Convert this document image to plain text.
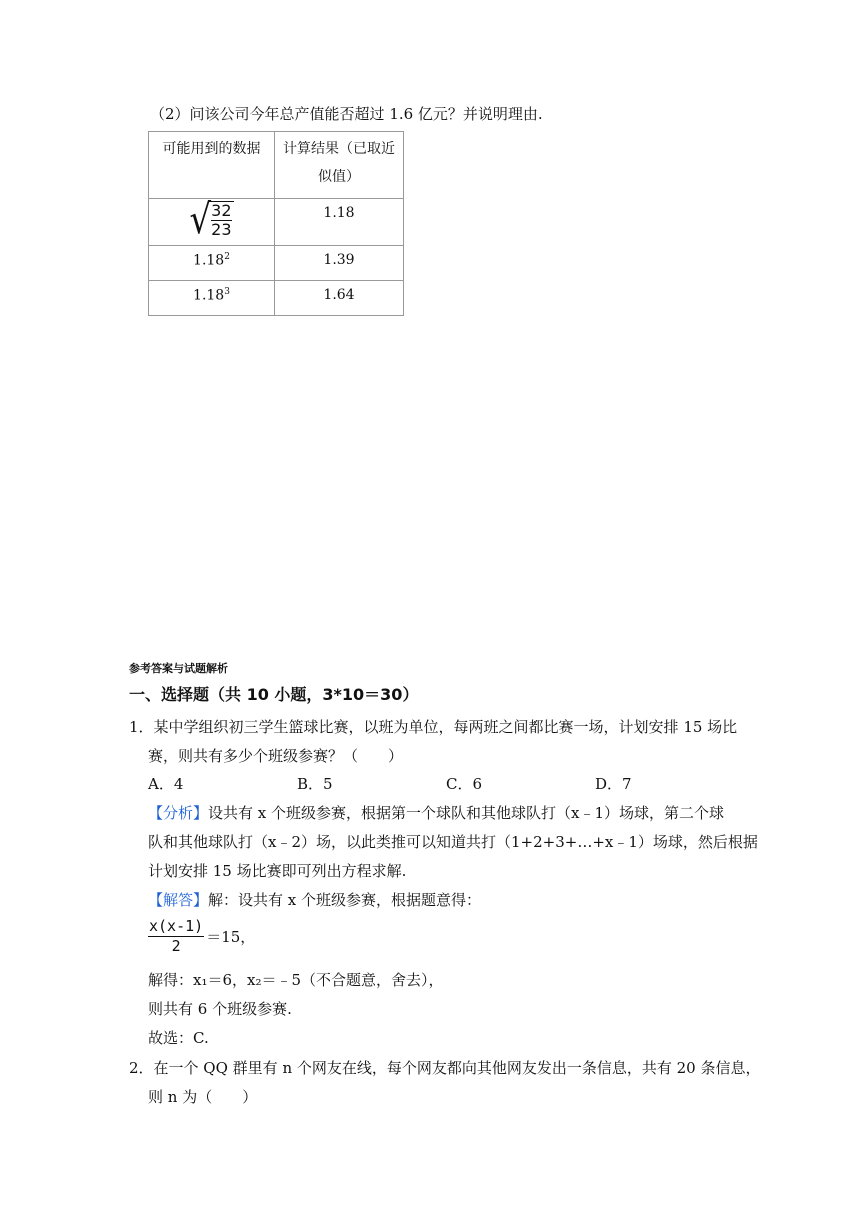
（2）问该公司今年总产值能否超过 1.6 亿元？并说明理由.
可能用到的数据	计算结果（已取近
似值）

√
$\frac{32}{23}$	1.18
1.18$^2$	1.39
1.18$^3$	1.64
参考答案与试题解析
一、选择题（共 10 小题，3*10＝30）
1．某中学组织初三学生篮球比赛，以班为单位，每两班之间都比赛一场，计划安排 15 场比
赛，则共有多少个班级参赛？（　　）
A．4	B．5	C．6	D．7
【分析】设共有 x 个班级参赛，根据第一个球队和其他球队打（x﹣1）场球，第二个球
队和其他球队打（x﹣2）场，以此类推可以知道共打（1+2+3+…+x﹣1）场球，然后根据
计划安排 15 场比赛即可列出方程求解.
【解答】解：设共有 x 个班级参赛，根据题意得：
$\frac{x(x-1)}{2} =15$，
解得：x₁＝6，x₂＝﹣5（不合题意，舍去），
则共有 6 个班级参赛.
故选：C.
2．在一个 QQ 群里有 n 个网友在线，每个网友都向其他网友发出一条信息，共有 20 条信息，
则 n 为（　　）
